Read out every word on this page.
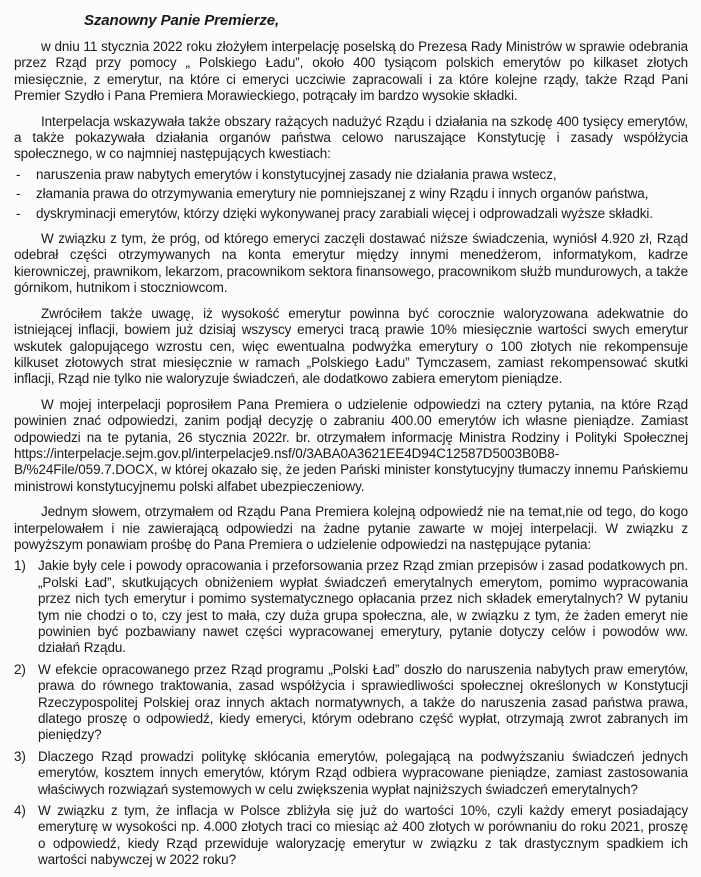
Szanowny Panie Premierze,

w dniu 11 stycznia 2022 roku złożyłem interpelację poselską do Prezesa Rady Ministrów w sprawie odebrania przez Rząd przy pomocy „ Polskiego Ładu”, około 400 tysiącom polskich emerytów po kilkaset złotych miesięcznie, z emerytur, na które ci emeryci uczciwie zapracowali i za które kolejne rządy, także Rząd Pani Premier Szydło i Pana Premiera Morawieckiego, potrącały im bardzo wysokie składki.

Interpelacja wskazywała także obszary rażących nadużyć Rządu i działania na szkodę 400 tysięcy emerytów, a także pokazywała działania organów państwa celowo naruszające Konstytucję i zasady współżycia społecznego, w co najmniej następujących kwestiach:

-	naruszenia praw nabytych emerytów i konstytucyjnej zasady nie działania prawa wstecz,
-	złamania prawa do otrzymywania emerytury nie pomniejszanej z winy Rządu i innych organów państwa,
-	dyskryminacji emerytów, którzy dzięki wykonywanej pracy zarabiali więcej i odprowadzali wyższe składki.

W związku z tym, że próg, od którego emeryci zaczęli dostawać niższe świadczenia, wyniósł 4.920 zł, Rząd odebrał części otrzymywanych na konta emerytur między innymi menedżerom, informatykom, kadrze kierowniczej, prawnikom, lekarzom, pracownikom sektora finansowego, pracownikom służb mundurowych, a także górnikom, hutnikom i stoczniowcom.

Zwróciłem także uwagę, iż wysokość emerytur powinna być corocznie waloryzowana adekwatnie do istniejącej inflacji, bowiem już dzisiaj wszyscy emeryci tracą prawie 10% miesięcznie wartości swych emerytur wskutek galopującego wzrostu cen, więc ewentualna podwyżka emerytury o 100 złotych nie rekompensuje kilkuset złotowych strat miesięcznie w ramach „Polskiego Ładu” Tymczasem, zamiast rekompensować skutki inflacji, Rząd nie tylko nie waloryzuje świadczeń, ale dodatkowo zabiera emerytom pieniądze.

W mojej interpelacji poprosiłem Pana Premiera o udzielenie odpowiedzi na cztery pytania, na które Rząd powinien znać odpowiedzi, zanim podjął decyzję o zabraniu 400.00 emerytów ich własne pieniądze. Zamiast odpowiedzi na te pytania, 26 stycznia 2022r. br. otrzymałem informację Ministra Rodziny i Polityki Społecznej https://interpelacje.sejm.gov.pl/interpelacje9.nsf/0/3ABA0A3621EE4D94C12587D5003B0B8-B/%24File/059.7.DOCX, w której okazało się, że jeden Pański minister konstytucyjny tłumaczy innemu Pańskiemu ministrowi konstytucyjnemu polski alfabet ubezpieczeniowy.

Jednym słowem, otrzymałem od Rządu Pana Premiera kolejną odpowiedź nie na temat,nie od tego, do kogo interpelowałem i nie zawierającą odpowiedzi na żadne pytanie zawarte w mojej interpelacji. W związku z powyższym ponawiam prośbę do Pana Premiera o udzielenie odpowiedzi na następujące pytania:

1) Jakie były cele i powody opracowania i przeforsowania przez Rząd zmian przepisów i zasad podatkowych pn. „Polski Ład”, skutkujących obniżeniem wypłat świadczeń emerytalnych emerytom, pomimo wypracowania przez nich tych emerytur i pomimo systematycznego opłacania przez nich składek emerytalnych? W pytaniu tym nie chodzi o to, czy jest to mała, czy duża grupa społeczna, ale, w związku z tym, że żaden emeryt nie powinien być pozbawiany nawet części wypracowanej emerytury, pytanie dotyczy celów i powodów ww. działań Rządu.
2) W efekcie opracowanego przez Rząd programu „Polski Ład” doszło do naruszenia nabytych praw emerytów, prawa do równego traktowania, zasad współżycia i sprawiedliwości społecznej określonych w Konstytucji Rzeczypospolitej Polskiej oraz innych aktach normatywnych, a także do naruszenia zasad państwa prawa, dlatego proszę o odpowiedź, kiedy emeryci, którym odebrano część wypłat, otrzymają zwrot zabranych im pieniędzy?
3) Dlaczego Rząd prowadzi politykę skłócania emerytów, polegającą na podwyższaniu świadczeń jednych emerytów, kosztem innych emerytów, którym Rząd odbiera wypracowane pieniądze, zamiast zastosowania właściwych rozwiązań systemowych w celu zwiększenia wypłat najniższych świadczeń emerytalnych?
4) W związku z tym, że inflacja w Polsce zbliżyła się już do wartości 10%, czyli każdy emeryt posiadający emeryturę w wysokości np. 4.000 złotych traci co miesiąc aż 400 złotych w porównaniu do roku 2021, proszę o odpowiedź, kiedy Rząd przewiduje waloryzację emerytur w związku z tak drastycznym spadkiem ich wartości nabywczej w 2022 roku?
